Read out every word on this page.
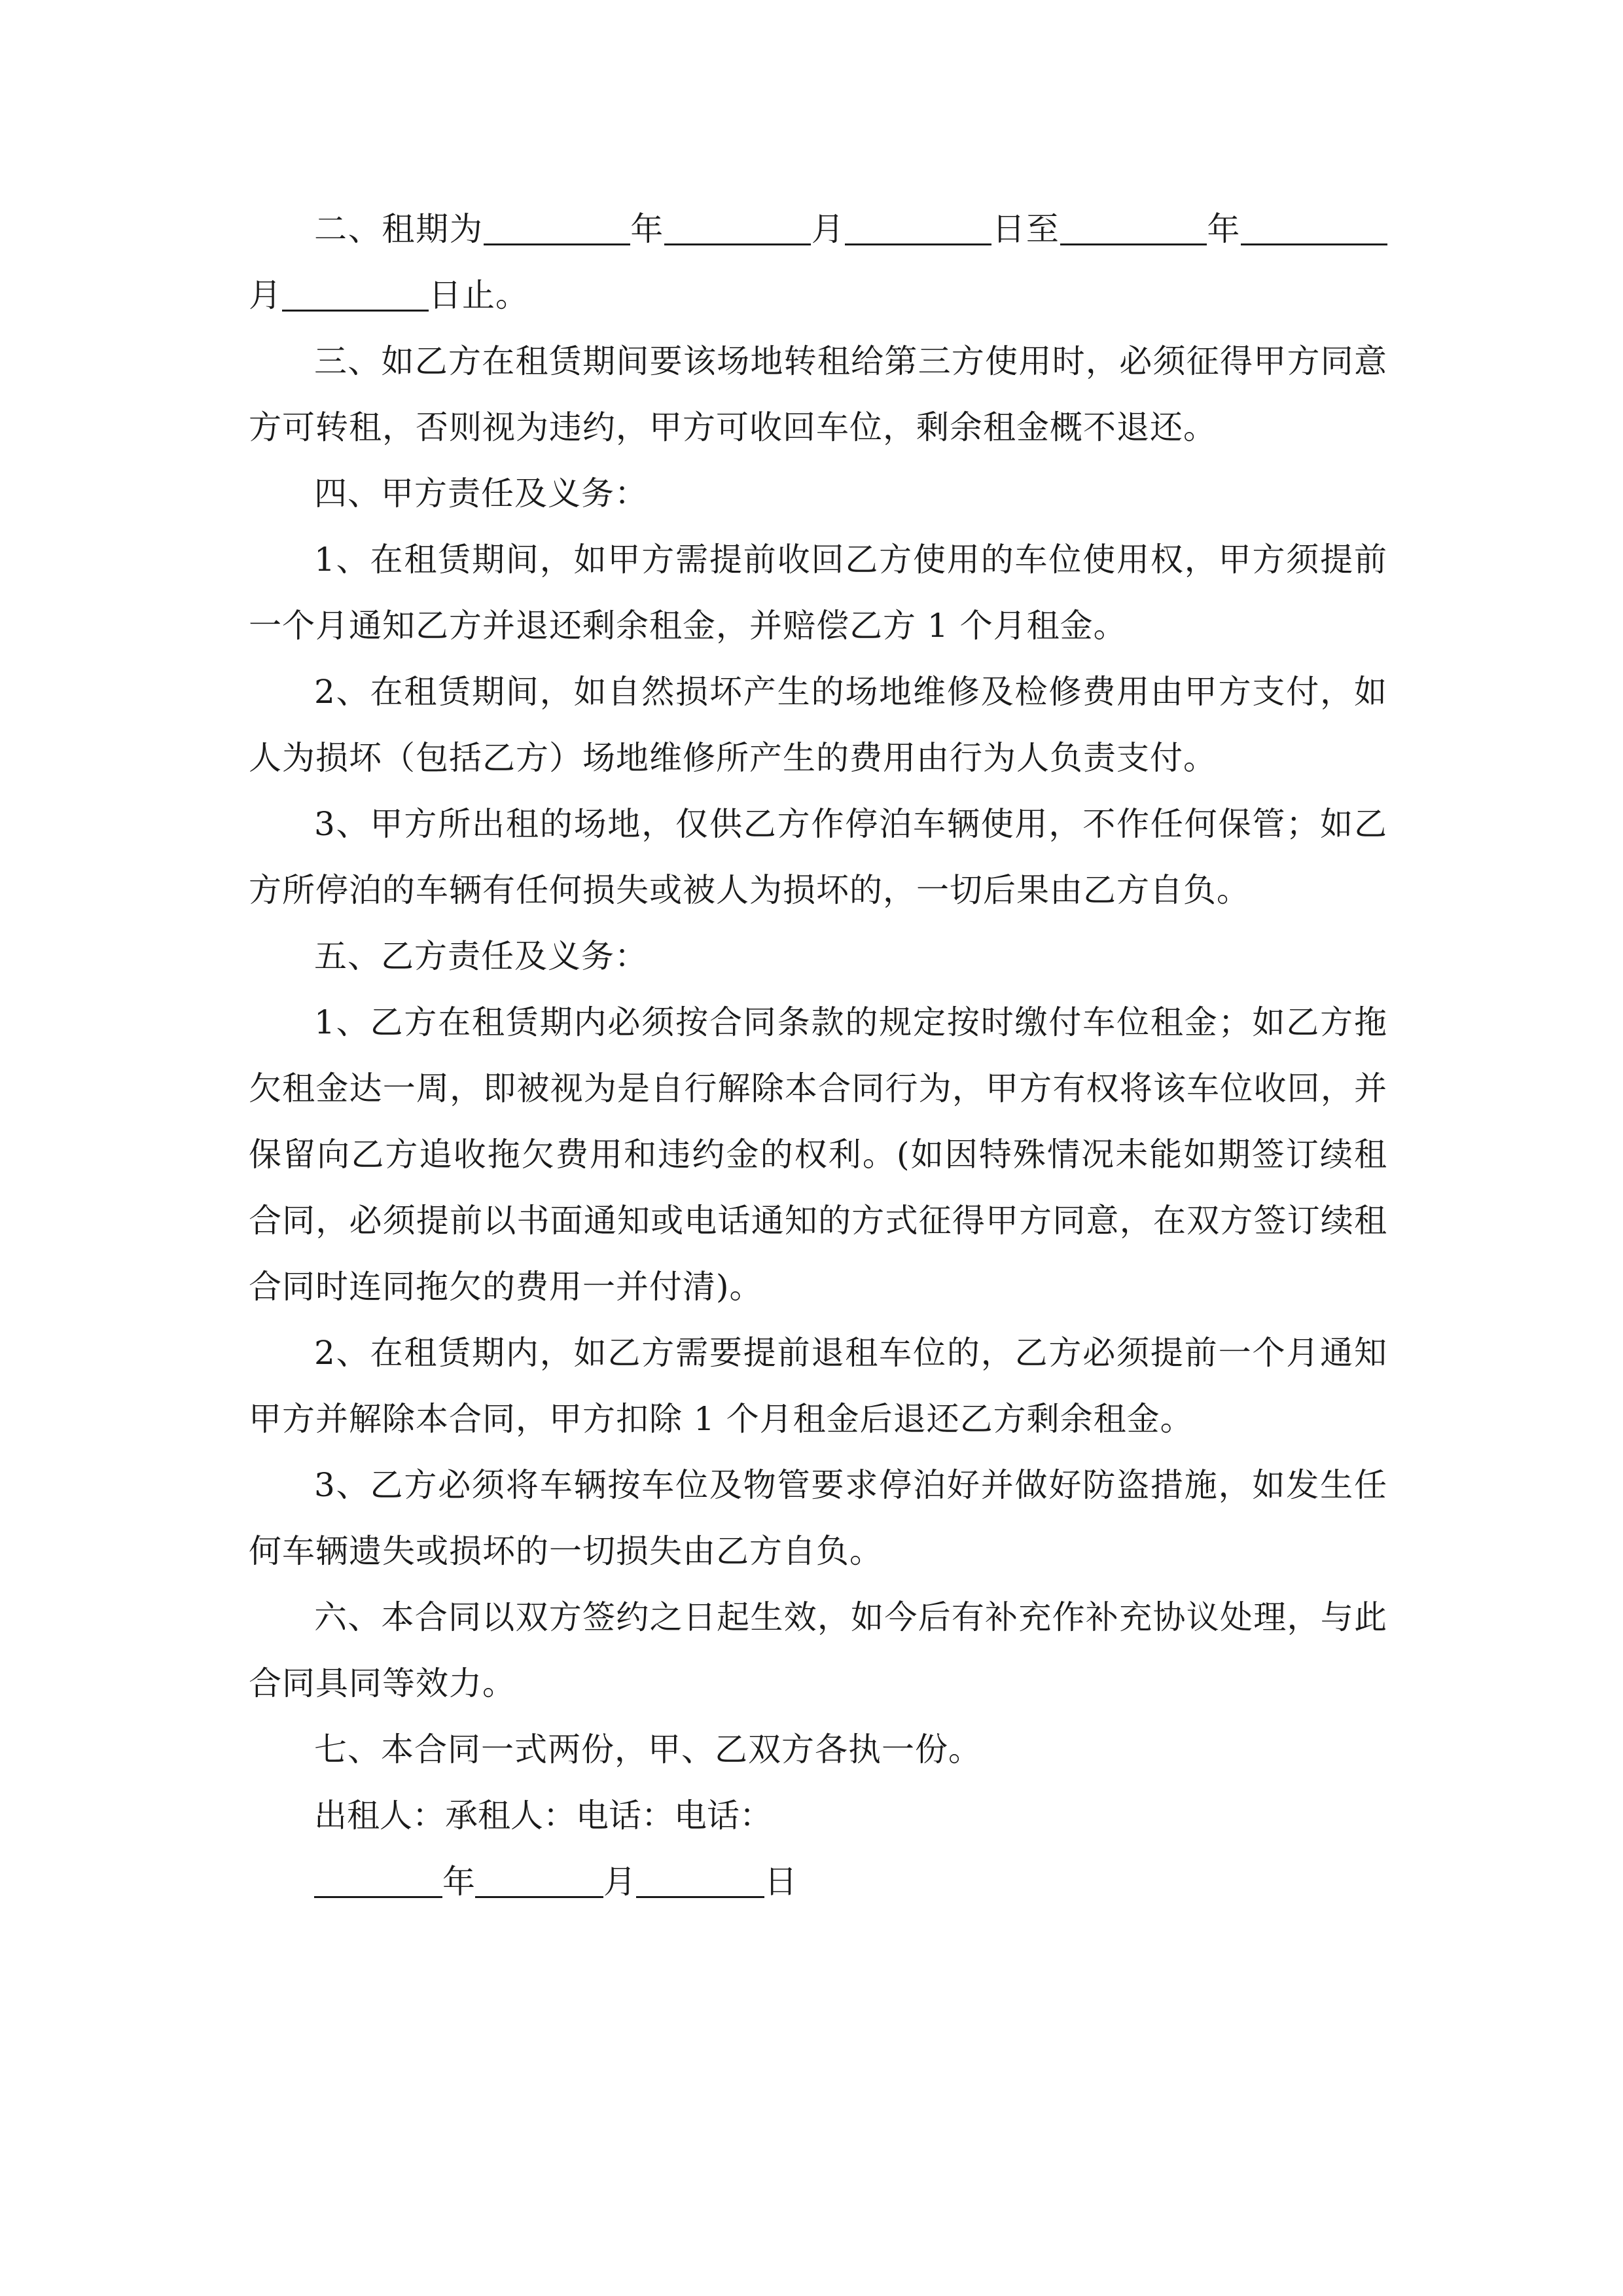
二、租期为	年	月	日至	年月	日止。

三、如乙方在租赁期间要该场地转租给第三方使用时，必须征得甲方同意方可转租，否则视为违约，甲方可收回车位，剩余租金概不退还。

四、甲方责任及义务：

1、在租赁期间，如甲方需提前收回乙方使用的车位使用权，甲方须提前一个月通知乙方并退还剩余租金，并赔偿乙方 1 个月租金。

2、在租赁期间，如自然损坏产生的场地维修及检修费用由甲方支付，如人为损坏（包括乙方）场地维修所产生的费用由行为人负责支付。

3、甲方所出租的场地，仅供乙方作停泊车辆使用，不作任何保管；如乙方所停泊的车辆有任何损失或被人为损坏的，一切后果由乙方自负。

五、乙方责任及义务：

1、乙方在租赁期内必须按合同条款的规定按时缴付车位租金；如乙方拖欠租金达一周，即被视为是自行解除本合同行为，甲方有权将该车位收回，并保留向乙方追收拖欠费用和违约金的权利。(如因特殊情况未能如期签订续租合同，必须提前以书面通知或电话通知的方式征得甲方同意，在双方签订续租合同时连同拖欠的费用一并付清)。

2、在租赁期内，如乙方需要提前退租车位的，乙方必须提前一个月通知甲方并解除本合同，甲方扣除 1 个月租金后退还乙方剩余租金。

3、乙方必须将车辆按车位及物管要求停泊好并做好防盗措施，如发生任何车辆遗失或损坏的一切损失由乙方自负。

六、本合同以双方签约之日起生效，如今后有补充作补充协议处理，与此合同具同等效力。

七、本合同一式两份，甲、乙双方各执一份。

出租人：承租人：电话：电话：

年	月	日
